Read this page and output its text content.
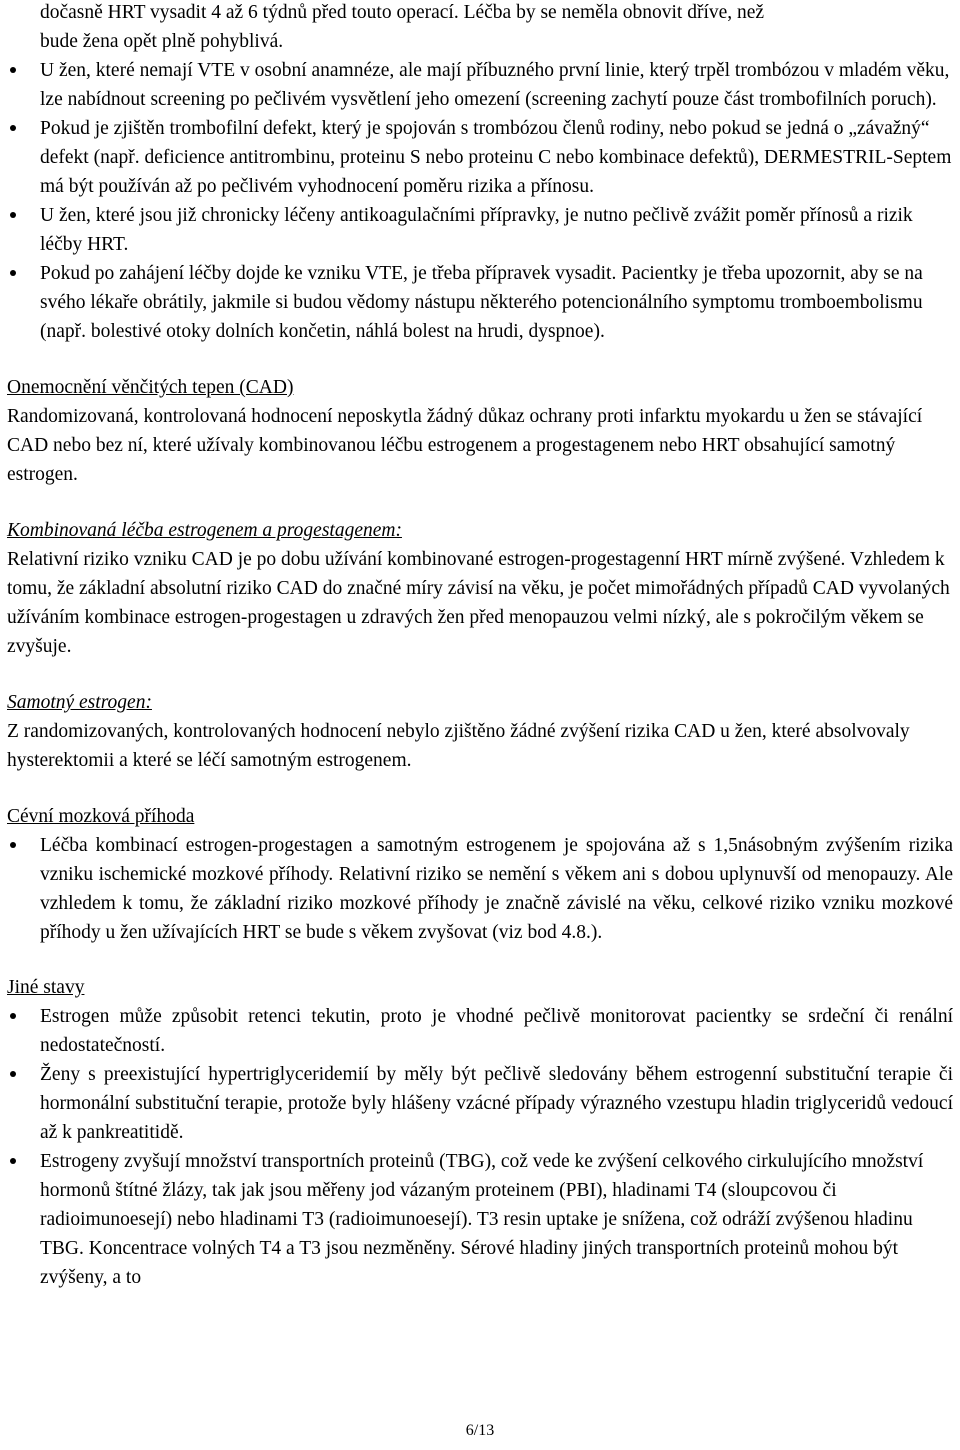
dočasně HRT vysadit 4 až 6 týdnů před touto operací. Léčba by se neměla obnovit dříve, než

bude žena opět plně pohyblivá.

U žen, které nemají VTE v osobní anamnéze, ale mají příbuzného první linie, který trpěl trombózou v mladém věku, lze nabídnout screening po pečlivém vysvětlení jeho omezení (screening zachytí pouze část trombofilních poruch).
Pokud je zjištěn trombofilní defekt, který je spojován s trombózou členů rodiny, nebo pokud se jedná o „závažný“ defekt (např. deficience antitrombinu, proteinu S nebo proteinu C nebo kombinace defektů), DERMESTRIL-Septem má být používán až po pečlivém vyhodnocení poměru rizika a přínosu.
U žen, které jsou již chronicky léčeny antikoagulačními přípravky, je nutno pečlivě zvážit poměr přínosů a rizik léčby HRT.
Pokud po zahájení léčby dojde ke vzniku VTE, je třeba přípravek vysadit. Pacientky je třeba upozornit, aby se na svého lékaře obrátily, jakmile si budou vědomy nástupu některého potencionálního symptomu tromboembolismu (např. bolestivé otoky dolních končetin, náhlá bolest na hrudi, dyspnoe).

Onemocnění věnčitých tepen (CAD)

Randomizovaná, kontrolovaná hodnocení neposkytla žádný důkaz ochrany proti infarktu myokardu u žen se stávající CAD nebo bez ní, které užívaly kombinovanou léčbu estrogenem a progestagenem nebo HRT obsahující samotný estrogen.

Kombinovaná léčba estrogenem a progestagenem:

Relativní riziko vzniku CAD je po dobu užívání kombinované estrogen-progestagenní HRT mírně zvýšené. Vzhledem k tomu, že základní absolutní riziko CAD do značné míry závisí na věku, je počet mimořádných případů CAD vyvolaných užíváním kombinace estrogen-progestagen u zdravých žen před menopauzou velmi nízký, ale s pokročilým věkem se zvyšuje.

Samotný estrogen:

Z randomizovaných, kontrolovaných hodnocení nebylo zjištěno žádné zvýšení rizika CAD u žen, které absolvovaly hysterektomii a které se léčí samotným estrogenem.

Cévní mozková příhoda

Léčba kombinací estrogen-progestagen a samotným estrogenem je spojována až s 1,5násobným zvýšením rizika vzniku ischemické mozkové příhody. Relativní riziko se nemění s věkem ani s dobou uplynuvší od menopauzy. Ale vzhledem k tomu, že základní riziko mozkové příhody je značně závislé na věku, celkové riziko vzniku mozkové příhody u žen užívajících HRT se bude s věkem zvyšovat (viz bod 4.8.).

Jiné stavy

Estrogen může způsobit retenci tekutin, proto je vhodné pečlivě monitorovat pacientky se srdeční či renální nedostatečností.
Ženy s preexistující hypertriglyceridemií by měly být pečlivě sledovány během estrogenní substituční terapie či hormonální substituční terapie, protože byly hlášeny vzácné případy výrazného vzestupu hladin triglyceridů vedoucí až k pankreatitidě.
Estrogeny zvyšují množství transportních proteinů (TBG), což vede ke zvýšení celkového cirkulujícího množství hormonů štítné žlázy, tak jak jsou měřeny jod vázaným proteinem (PBI), hladinami T4 (sloupcovou či radioimunoesejí) nebo hladinami T3 (radioimunoesejí). T3 resin uptake je snížena, což odráží zvýšenou hladinu TBG. Koncentrace volných T4 a T3 jsou nezměněny. Sérové hladiny jiných transportních proteinů mohou být zvýšeny, a to
6/13
